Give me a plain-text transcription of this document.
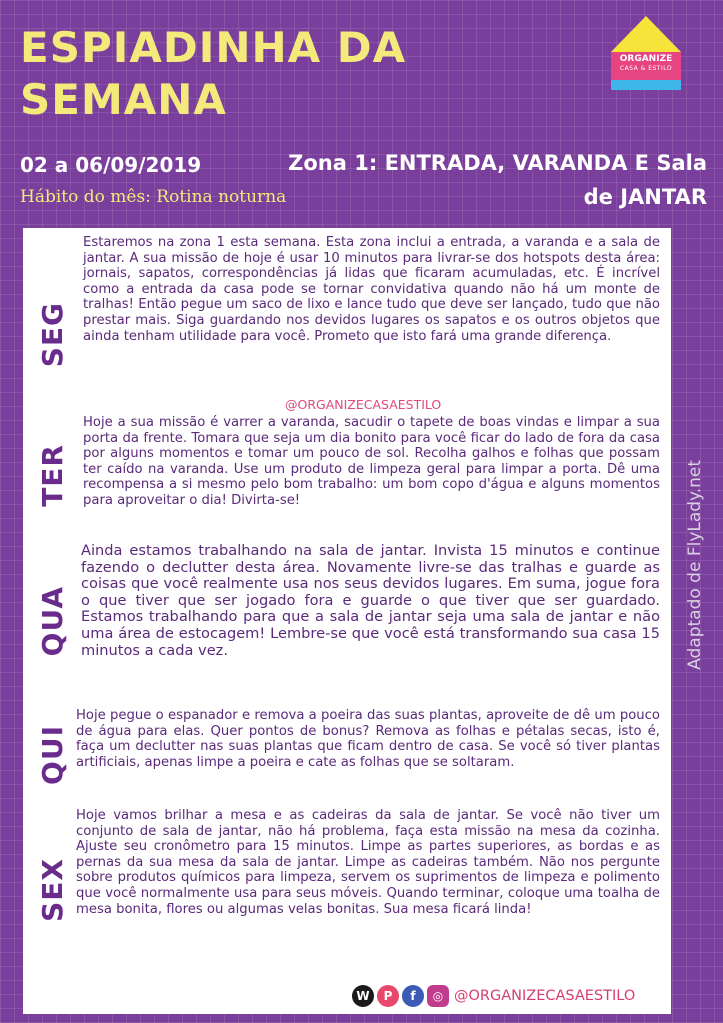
ESPIADINHA DA
SEMANA
ORGANIZE
CASA & ESTILO
02 a 06/09/2019
Hábito do mês: Rotina noturna
Zona 1: ENTRADA, VARANDA E Sala
de JANTAR
SEG

Estaremos na zona 1 esta semana. Esta zona inclui a entrada, a varanda e a sala de jantar. A sua missão de hoje é usar 10 minutos para livrar-se dos hotspots desta área: jornais, sapatos, correspondências já lidas que ficaram acumuladas, etc. É incrível como a entrada da casa pode se tornar convidativa quando não há um monte de tralhas! Então pegue um saco de lixo e lance tudo que deve ser lançado, tudo que não prestar mais. Siga guardando nos devidos lugares os sapatos e os outros objetos que ainda tenham utilidade para você. Prometo que isto fará uma grande diferença.

@ORGANIZECASAESTILO
TER

Hoje a sua missão é varrer a varanda, sacudir o tapete de boas vindas e limpar a sua porta da frente. Tomara que seja um dia bonito para você ficar do lado de fora da casa por alguns momentos e tomar um pouco de sol. Recolha galhos e folhas que possam ter caído na varanda. Use um produto de limpeza geral para limpar a porta. Dê uma recompensa a si mesmo pelo bom trabalho: um bom copo d'água e alguns momentos para aproveitar o dia! Divirta-se!

QUA

Ainda estamos trabalhando na sala de jantar. Invista 15 minutos e continue fazendo o declutter desta área. Novamente livre-se das tralhas e guarde as coisas que você realmente usa nos seus devidos lugares. Em suma, jogue fora o que tiver que ser jogado fora e guarde o que tiver que ser guardado. Estamos trabalhando para que a sala de jantar seja uma sala de jantar e não uma área de estocagem! Lembre-se que você está transformando sua casa 15 minutos a cada vez.

QUI

Hoje pegue o espanador e remova a poeira das suas plantas, aproveite de dê um pouco de água para elas. Quer pontos de bonus? Remova as folhas e pétalas secas, isto é, faça um declutter nas suas plantas que ficam dentro de casa. Se você só tiver plantas artificiais, apenas limpe a poeira e cate as folhas que se soltaram.

SEX

Hoje vamos brilhar a mesa e as cadeiras da sala de jantar. Se você não tiver um conjunto de sala de jantar, não há problema, faça esta missão na mesa da cozinha. Ajuste seu cronômetro para 15 minutos. Limpe as partes superiores, as bordas e as pernas da sua mesa da sala de jantar. Limpe as cadeiras também. Não nos pergunte sobre produtos químicos para limpeza, servem os suprimentos de limpeza e polimento que você normalmente usa para seus móveis. Quando terminar, coloque uma toalha de mesa bonita, flores ou algumas velas bonitas. Sua mesa ficará linda!

Adaptado de FlyLady.net
W	P	f	◎ @ORGANIZECASAESTILO
